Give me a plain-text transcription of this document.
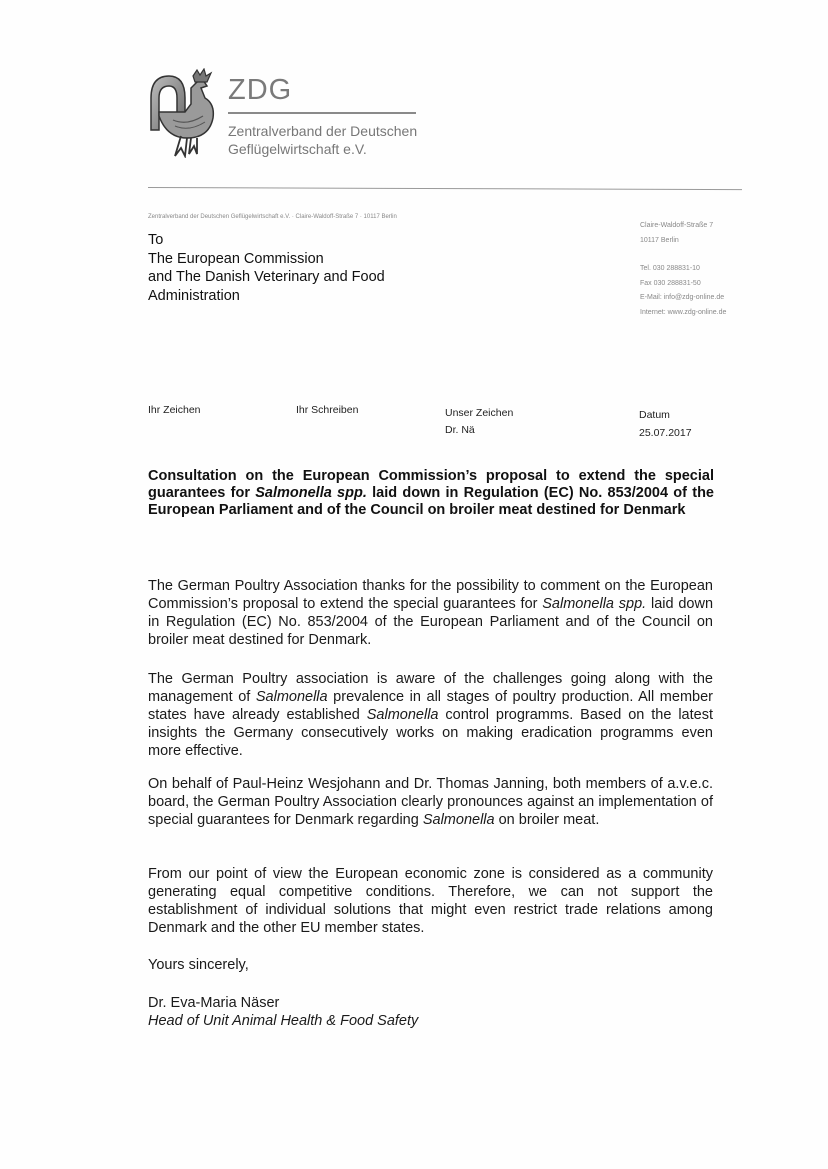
ZDG
Zentralverband der Deutschen
Geflügelwirtschaft e.V.
Zentralverband der Deutschen Geflügelwirtschaft e.V. · Claire-Waldoff-Straße 7 · 10117 Berlin
To
The European Commission
and The Danish Veterinary and Food
Administration
Claire-Waldoff-Straße 7
10117 Berlin
Tel. 030 288831-10
Fax 030 288831-50
E-Mail: info@zdg-online.de
Internet: www.zdg-online.de
Ihr Zeichen	Ihr Schreiben	Unser Zeichen
Dr. Nä
Datum
25.07.2017
Consultation on the European Commission’s proposal to extend the special guarantees for Salmonella spp. laid down in Regulation (EC) No. 853/2004 of the European Parliament and of the Council on broiler meat destined for Denmark
The German Poultry Association thanks for the possibility to comment on the European Commission’s proposal to extend the special guarantees for Salmonella spp. laid down in Regulation (EC) No. 853/2004 of the European Parliament and of the Council on broiler meat destined for Denmark.
The German Poultry association is aware of the challenges going along with the management of Salmonella prevalence in all stages of poultry production. All member states have already established Salmonella control programms. Based on the latest insights the Germany consecutively works on making eradication programms even more effective.
On behalf of Paul-Heinz Wesjohann and Dr. Thomas Janning, both members of a.v.e.c. board, the German Poultry Association clearly pronounces against an implementation of special guarantees for Denmark regarding Salmonella on broiler meat.
From our point of view the European economic zone is considered as a community generating equal competitive conditions. Therefore, we can not support the establishment of individual solutions that might even restrict trade relations among Denmark and the other EU member states.
Yours sincerely,
Dr. Eva-Maria Näser
Head of Unit Animal Health & Food Safety
